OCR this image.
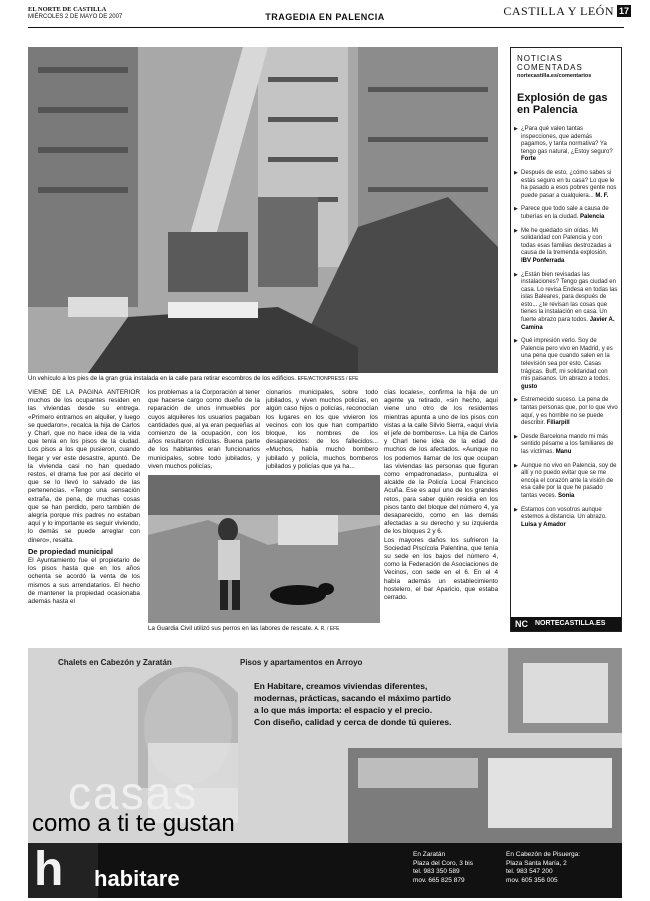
EL NORTE DE CASTILLA
MIÉRCOLES 2 DE MAYO DE 2007	TRAGEDIA EN PALENCIA	CASTILLA Y LEÓN 17
Un vehículo a los pies de la gran grúa instalada en la calle para retirar escombros de los edificios. EFE/ACTIONPRESS / EFE

VIENE DE LA PÁGINA ANTERIOR muchos de los ocupantes residen en las viviendas desde su entrega. «Primero entramos en alquiler, y luego se quedaron», recalca la hija de Carlos y Charl, que no hace idea de la vida que tenía en los pisos de la ciudad. Los pisos a los que pusieron, cuando llegar y ver este desastre, apuntó. De la vivienda casi no han quedado restos, el drama fue por así decirlo el que se lo llevó lo salvado de las pertenencias. «Tengo una sensación extraña, de pena, de muchas cosas que se han perdido, pero también de alegría porque mis padres no estaban aquí y lo importante es seguir viviendo, lo demás se puede arreglar con dinero», resalta.

De propiedad municipal

El Ayuntamiento fue el propietario de los pisos hasta que en los años ochenta se acordó la venta de los mismos a sus arrendatarios. El hecho de mantener la propiedad ocasionaba además hasta el

los problemas a la Corporación al tener que hacerse cargo como dueño de la reparación de unos inmuebles por cuyos alquileres los usuarios pagaban cantidades que, al ya eran pequeñas al comienzo de la ocupación, con los años resultaron ridículas. Buena parte de los habitantes eran funcionarios municipales, sobre todo jubilados, y viven muchos policías,

cionarios municipales, sobre todo jubilados, y viven muchos policías, en algún caso hijos o policías, reconocían los lugares en los que vivieron los vecinos con los que han compartido bloque, los nombres de los desaparecidos: de los fallecidos... «Muchos, había mucho bombero jubilado y policía, muchos bomberos jubilados y policías que ya ha...

cías locales», confirma la hija de un agente ya retirado, «sin hecho, aquí viene uno otro de los residentes mientras apunta a uno de los pisos con vistas a la calle Silvio Sierra, «aquí vivía el jefe de bomberos». La hija de Carlos y Charl tiene idea de la edad de muchos de los afectados. «Aunque no los podemos llamar de los que ocupan las viviendas las personas que figuran como empadronadas», puntualiza el alcalde de la Policía Local Francisco Acuña. Ese es aquí uno de los grandes retos, para saber quién residía en los pisos tanto del bloque del número 4, ya desaparecido, como en las demás afectadas a su derecho y su izquierda de los bloques 2 y 6.

Los mayores daños los sufrieron la Sociedad Piscícola Palentina, que tenía su sede en los bajos del número 4, como la Federación de Asociaciones de Vecinos, con sede en el 6. En el 4 había además un establecimiento hostelero, el bar Aparicio, que estaba cerrado.

La Guardia Civil utilizó sus perros en las labores de rescate. A. R. / EFE
NOTICIAS COMENTADAS
nortecastilla.es/comentarios
Explosión de gas en Palencia
▶ ¿Para qué valen tantas inspecciones, que además pagamos, y tanta normativa? Ya tengo gas natural, ¿Estoy seguro? Forte
▶ Después de esto, ¿cómo sabes si estás seguro en tu casa? Lo que le ha pasado a esos pobres gente nos puede pasar a cualquiera... M. F.
▶ Parece que todo sale a causa de tuberías en la ciudad. Palencia
▶ Me he quedado sin oídas. Mi solidaridad con Palencia y con todas esas familias destrozadas a causa de la tremenda explosión. IBV Ponferrada
▶ ¿Están bien revisadas las instalaciones? Tengo gas ciudad en casa. Lo revisa Endesa en todas las islas Baleares, para después de esto... ¿te revisan las cosas que tienes la instalación en casa. Un fuerte abrazo para todos. Javier A. Camina
▶ Qué impresión verlo. Soy de Palencia pero vivo en Madrid, y es una pena que cuando salen en la televisión sea por esto. Casas trágicas. Buff, mi solidaridad con mis paisanos. Un abrazo a todos. gusto
▶ Estremecido suceso. La pena de tantas personas que, por lo que vivo aquí, y es horrible no se puede describir. Filiarpill
▶ Desde Barcelona mando mi más sentido pésame a los familiares de las víctimas. Manu
▶ Aunque no vivo en Palencia, soy de allí y no puedo evitar que se me encoja el corazón ante la visión de esa calle por la que he pasado tantas veces. Sonia
▶ Estamos con vosotros aunque estemos a distancia. Un abrazo. Luisa y Amador
NC NORTECASTILLA.ES
Chalets en Cabezón y Zaratán	Pisos y apartamentos en Arroyo
En Habitare, creamos viviendas diferentes,
modernas, prácticas, sacando el máximo partido
a lo que más importa: el espacio y el precio.
Con diseño, calidad y cerca de donde tú quieres.
casas
como a ti te gustan
h habitare
En Zaratán
Plaza del Coro, 3 bis
tel. 983 350 589
mov. 665 825 879
En Cabezón de Pisuerga:
Plaza Santa María, 2
tel. 983 547 200
mov. 605 356 005
